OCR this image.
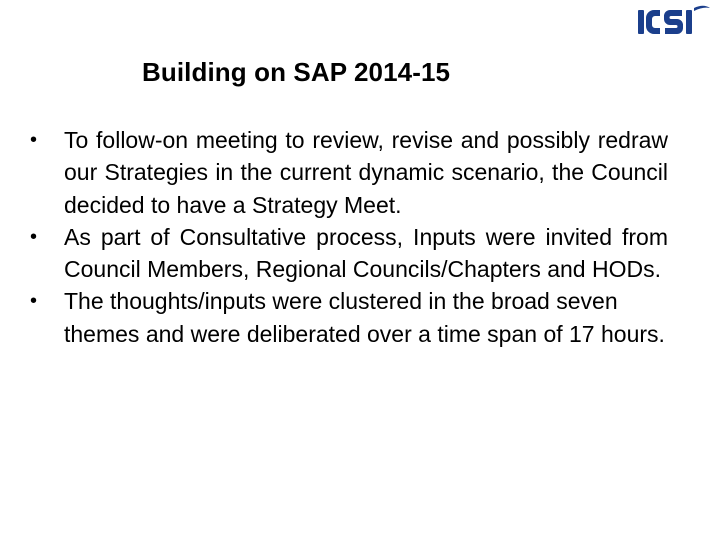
Building on SAP 2014-15
• To follow-on meeting to review, revise and possibly redraw our Strategies in the current dynamic scenario, the Council decided to have a Strategy Meet.
• As part of Consultative process, Inputs were invited from Council Members, Regional Councils/Chapters and HODs.
• The thoughts/inputs were clustered in the broad seven themes and were deliberated over a time span of 17 hours.
